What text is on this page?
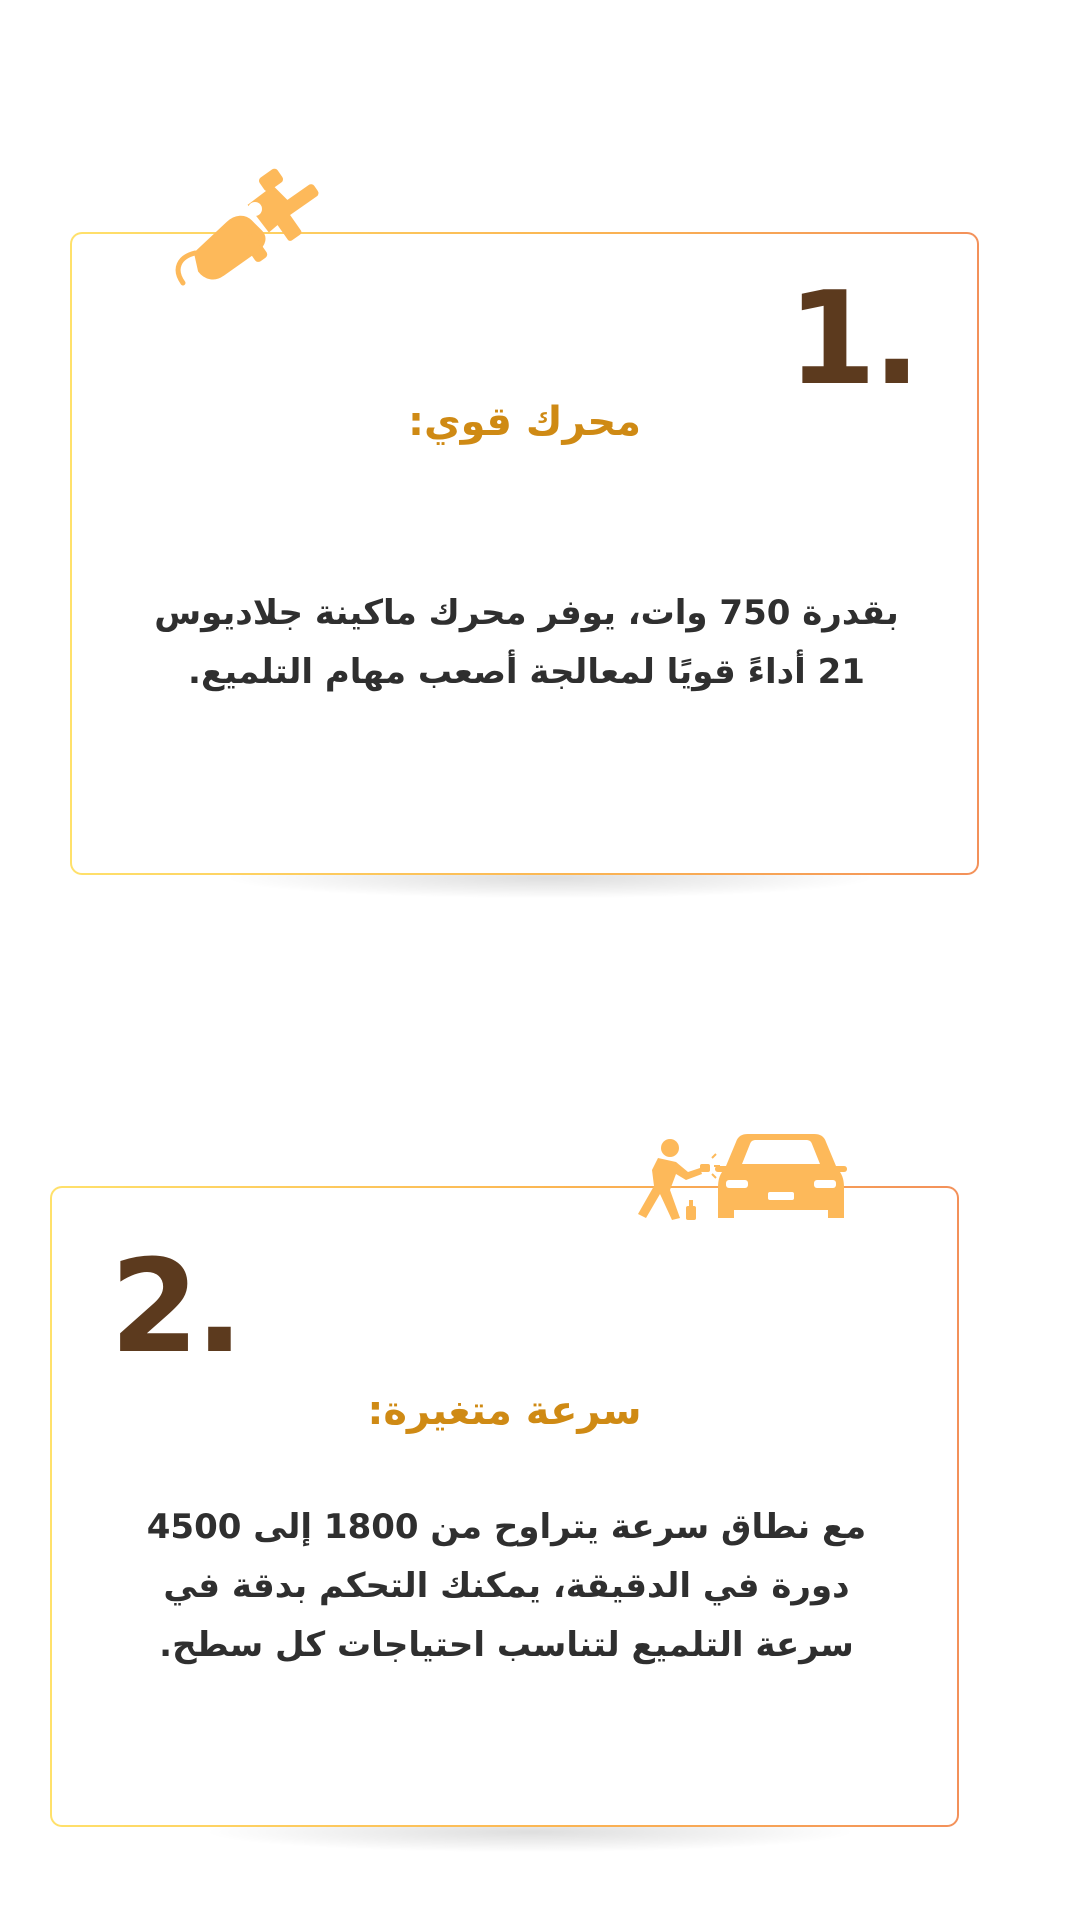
1.
محرك قوي:
بقدرة 750 وات، يوفر محرك ماكينة جلاديوس 21 أداءً قويًا لمعالجة أصعب مهام التلميع.
2.
سرعة متغيرة:
مع نطاق سرعة يتراوح من 1800 إلى 4500 دورة في الدقيقة، يمكنك التحكم بدقة في سرعة التلميع لتناسب احتياجات كل سطح.
